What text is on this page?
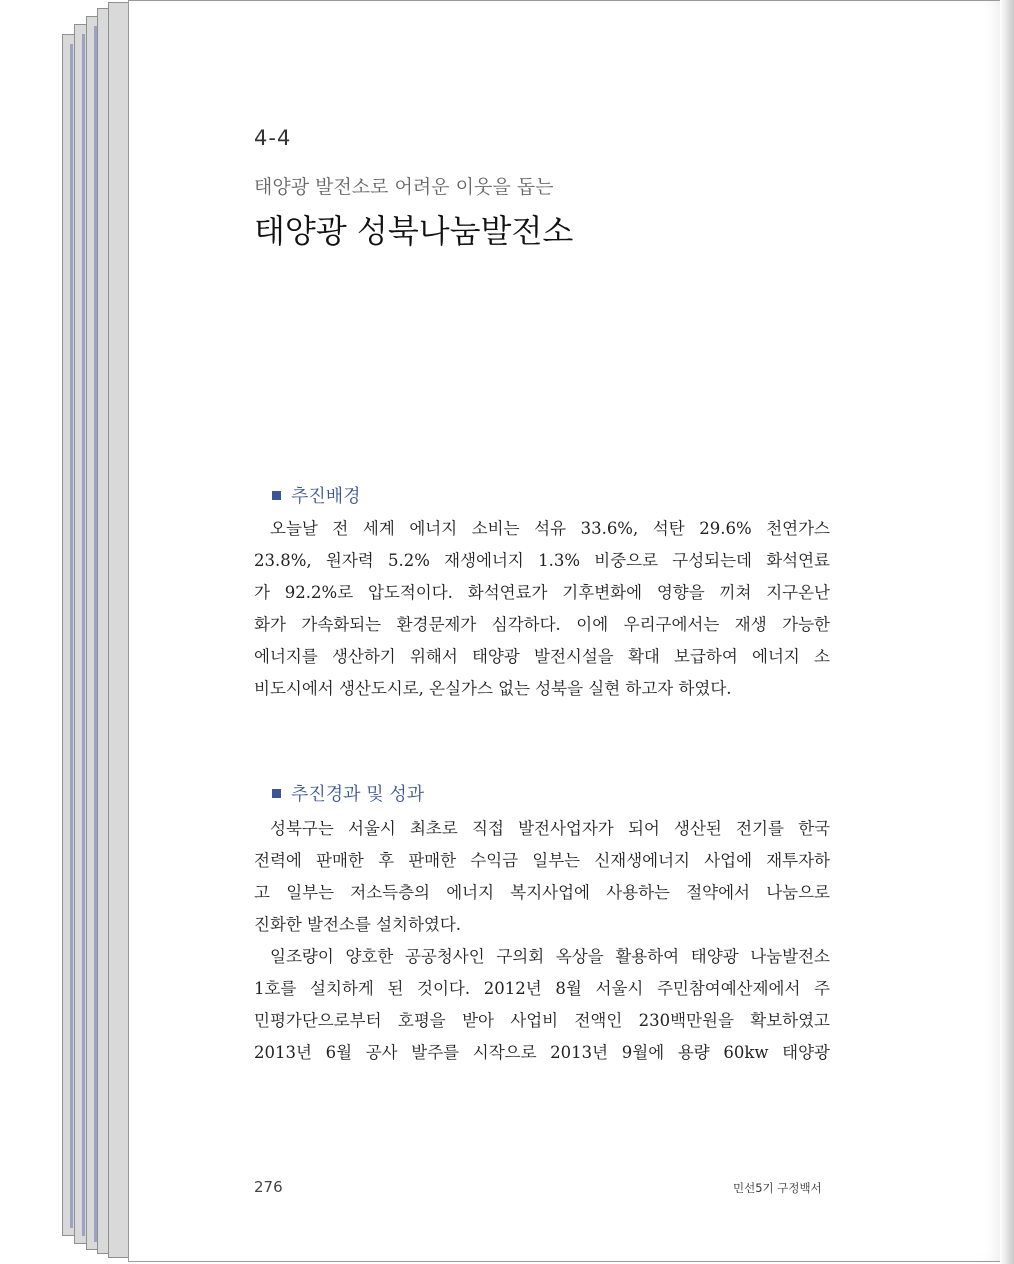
4-4
태양광 발전소로 어려운 이웃을 돕는
태양광 성북나눔발전소
추진배경
오늘날 전 세계 에너지 소비는 석유 33.6%, 석탄 29.6% 천연가스
23.8%, 원자력 5.2% 재생에너지 1.3% 비중으로 구성되는데 화석연료
가 92.2%로 압도적이다. 화석연료가 기후변화에 영향을 끼쳐 지구온난
화가 가속화되는 환경문제가 심각하다. 이에 우리구에서는 재생 가능한
에너지를 생산하기 위해서 태양광 발전시설을 확대 보급하여 에너지 소
비도시에서 생산도시로, 온실가스 없는 성북을 실현 하고자 하였다.
추진경과 및 성과
성북구는 서울시 최초로 직접 발전사업자가 되어 생산된 전기를 한국
전력에 판매한 후 판매한 수익금 일부는 신재생에너지 사업에 재투자하
고 일부는 저소득층의 에너지 복지사업에 사용하는 절약에서 나눔으로
진화한 발전소를 설치하였다.
일조량이 양호한 공공청사인 구의회 옥상을 활용하여 태양광 나눔발전소
1호를 설치하게 된 것이다. 2012년 8월 서울시 주민참여예산제에서 주
민평가단으로부터 호평을 받아 사업비 전액인 230백만원을 확보하였고
2013년 6월 공사 발주를 시작으로 2013년 9월에 용량 60kw 태양광
276	민선5기 구정백서
